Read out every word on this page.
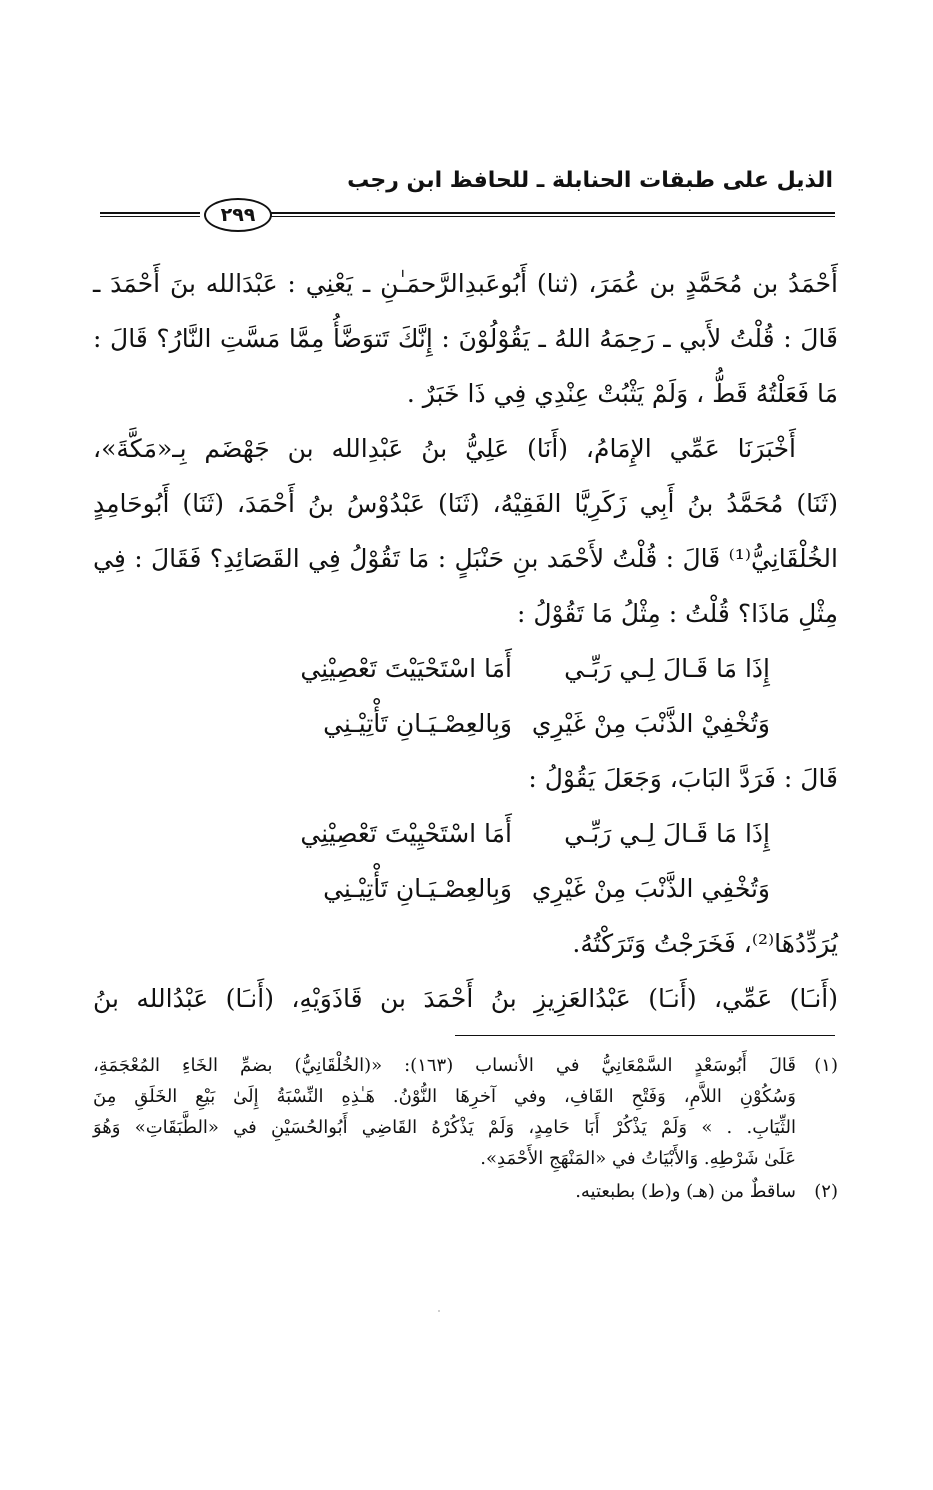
الذيل على طبقات الحنابلة ـ للحافظ ابن رجب
٢٩٩
أَحْمَدُ بن مُحَمَّدٍ بن عُمَرَ، (ثنا) أَبُوعَبدِالرَّحمَـٰنِ ـ يَعْنِي : عَبْدَالله بنَ أَحْمَدَ ـ
قَالَ : قُلْتُ لأَبي ـ رَحِمَهُ اللهُ ـ يَقُوْلُوْنَ : إِنَّكَ تَتوَضَّأُ مِمَّا مَسَّتِ النَّارُ؟ قَالَ :
مَا فَعَلْتُهُ قَطُّ ، وَلَمْ يَثْبُتْ عِنْدِي فِي ذَا خَبَرٌ .
أَخْبَرَنَا عَمِّي الإِمَامُ، (أَنَا) عَلِيُّ بنُ عَبْدِالله بن جَهْضَم بِـ«مَكَّةَ»،
(ثَنَا) مُحَمَّدُ بنُ أَبِي زَكَرِيَّا الفَقِيْهُ، (ثَنَا) عَبْدُوْسُ بنُ أَحْمَدَ، (ثَنَا) أَبُوحَامِدٍ
الخُلْقَانِيُّ⁽¹⁾ قَالَ : قُلْتُ لأَحْمَد بنِ حَنْبَلٍ : مَا تَقُوْلُ فِي القَصَائِدِ؟ فَقَالَ : فِي
مِثْلِ مَاذَا؟ قُلْتُ : مِثْلُ مَا تَقُوْلُ :
إِذَا مَا قَـالَ لِـي رَبِّـي
أَمَا اسْتَحْيَيْتَ تَعْصِيْنِي
وَتُخْفِيْ الذَّنْبَ مِنْ غَيْرِي
وَبِالعِصْـيَـانِ تَأْتِيْـنِي
قَالَ : فَرَدَّ البَابَ، وَجَعَلَ يَقُوْلُ :
إِذَا مَا قَـالَ لِـي رَبِّـي
أَمَا اسْتَحْيِيْتَ تَعْصِيْنِي
وَتُخْفِي الذَّنْبَ مِنْ غَيْرِي
وَبِالعِصْـيَـانِ تَأْتِيْـنِي
يُرَدِّدُهَا⁽²⁾، فَخَرَجْتُ وَتَرَكْتُهُ.
(أَنـَا) عَمِّي، (أَنـَا) عَبْدُالعَزِيزِ بنُ أَحْمَدَ بن قَاذَوَيْهِ، (أَنـَا) عَبْدُالله بنُ
(١)
قَالَ أَبُوسَعْدٍ السَّمْعَانِيُّ في الأنساب (١٦٣): «(الخُلْقَانِيُّ) بضمِّ الخَاءِ المُعْجَمَةِ،
وَسُكُوْنِ اللاَّمِ، وَفَتْحِ القَافِ، وفي آخرِهَا النُّوْنُ. هَـٰذِهِ النِّسْبَةُ إِلَىٰ بَيْعِ الخَلَقِ مِنَ
الثِّيَابِ. . » وَلَمْ يَذْكُرْ أَبَا حَامِدٍ، وَلَمْ يَذْكُرْهُ القَاضِي أَبُوالحُسَيْنِ في «الطَّبَقَاتِ» وَهُوَ
عَلَىٰ شَرْطِهِ. وَالأَبْيَاتُ في «المَنْهَجِ الأَحْمَدِ».
(٢)
ساقطٌ من (هـ) و(ط) بطبعتيه.
